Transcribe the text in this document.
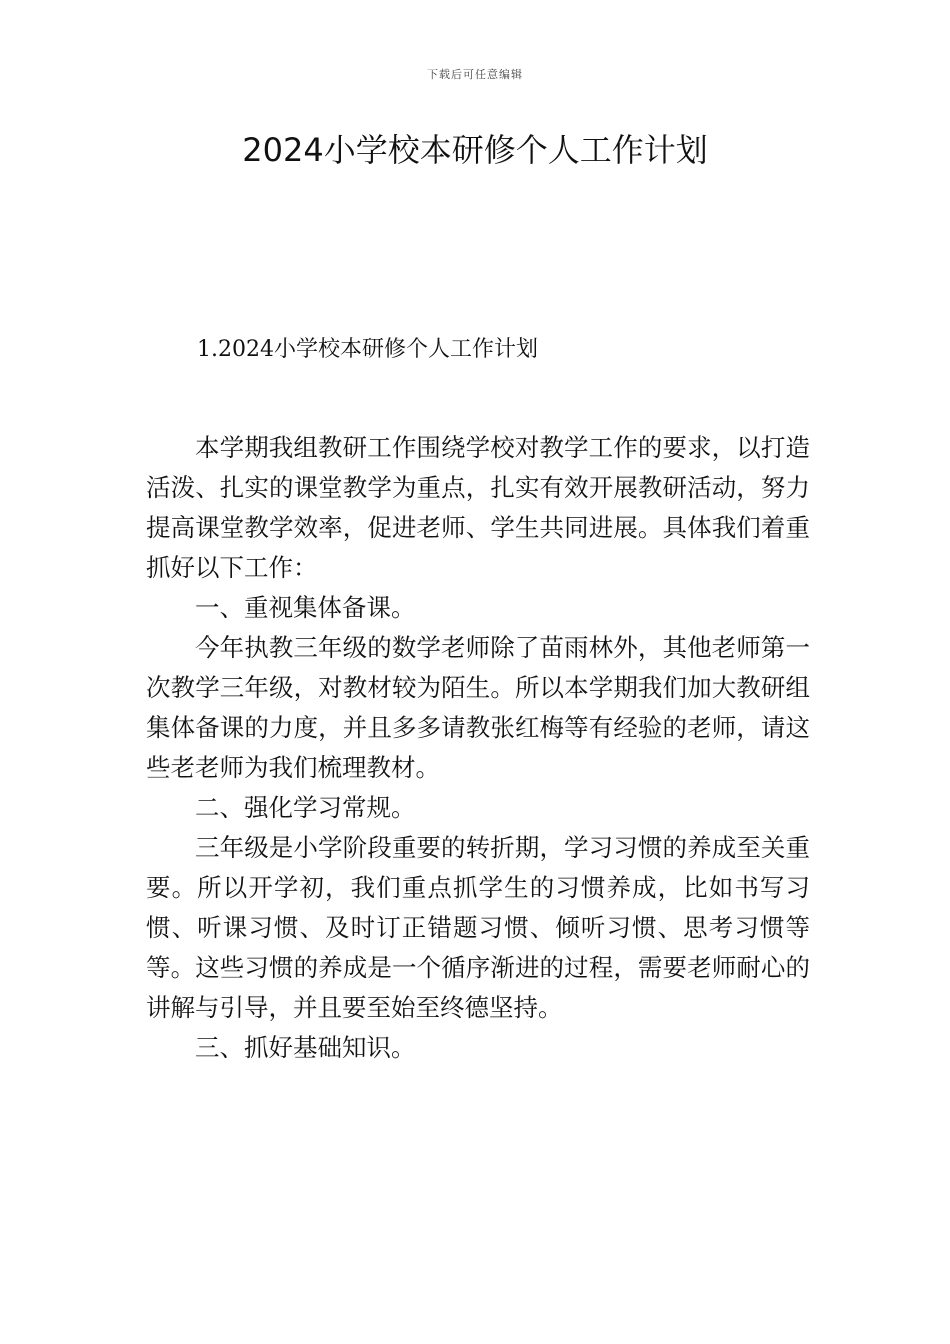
下载后可任意编辑
2024小学校本研修个人工作计划
1.2024小学校本研修个人工作计划

本学期我组教研工作围绕学校对教学工作的要求，以打造活泼、扎实的课堂教学为重点，扎实有效开展教研活动，努力提高课堂教学效率，促进老师、学生共同进展。具体我们着重抓好以下工作：

一、重视集体备课。

今年执教三年级的数学老师除了苗雨林外，其他老师第一次教学三年级，对教材较为陌生。所以本学期我们加大教研组集体备课的力度，并且多多请教张红梅等有经验的老师，请这些老老师为我们梳理教材。

二、强化学习常规。

三年级是小学阶段重要的转折期，学习习惯的养成至关重要。所以开学初，我们重点抓学生的习惯养成，比如书写习惯、听课习惯、及时订正错题习惯、倾听习惯、思考习惯等等。这些习惯的养成是一个循序渐进的过程，需要老师耐心的讲解与引导，并且要至始至终德坚持。

三、抓好基础知识。
